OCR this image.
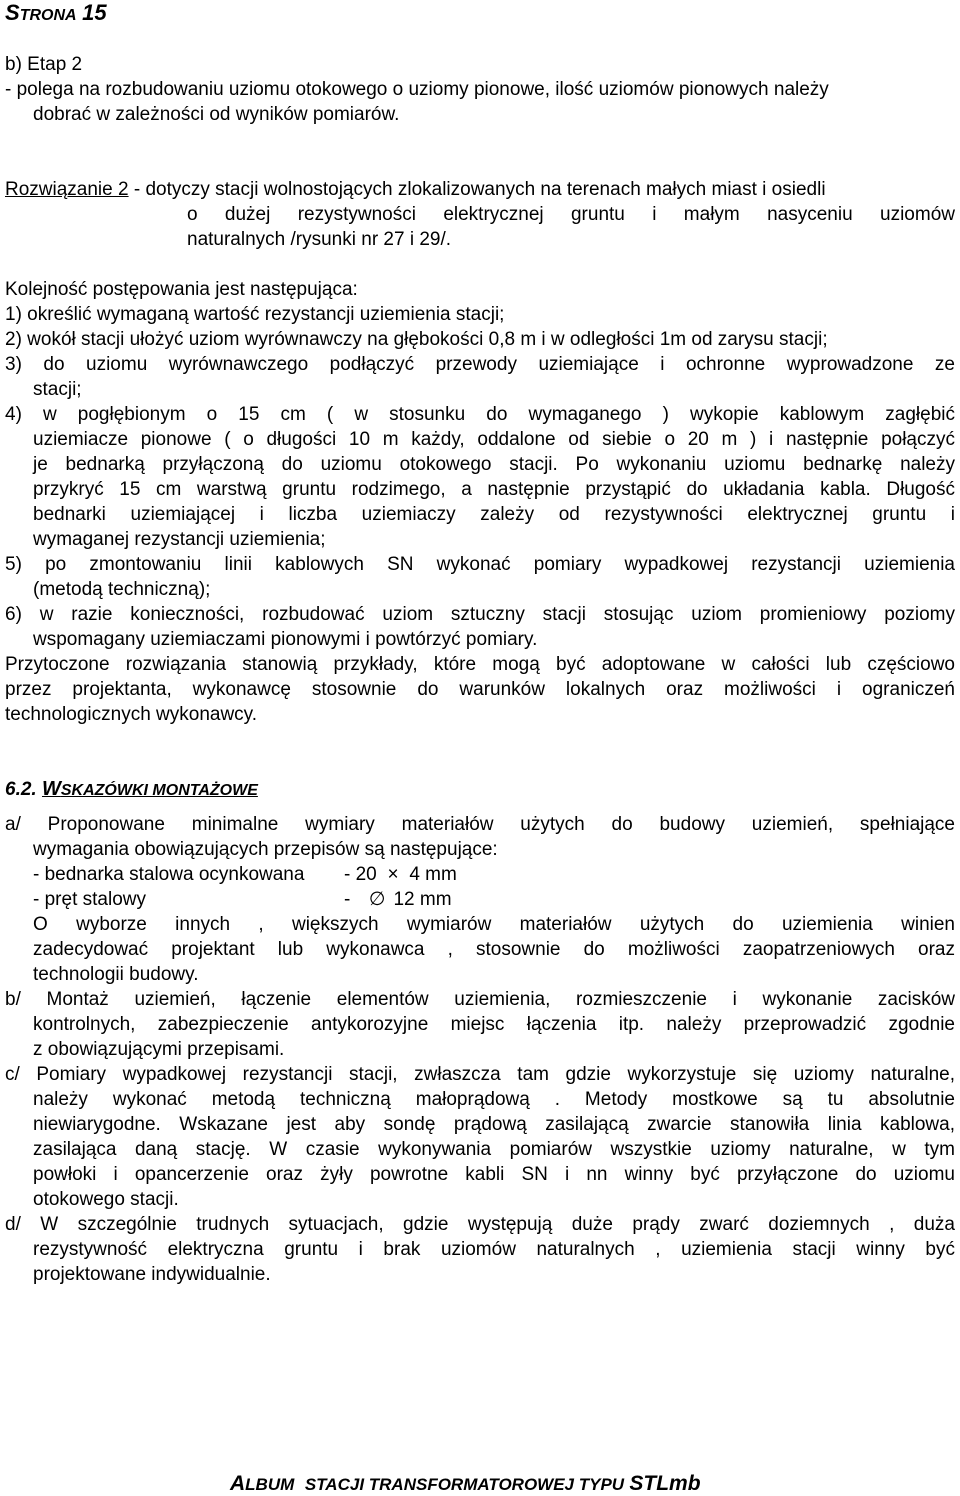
STRONA 15
b) Etap 2
- polega na rozbudowaniu uziomu otokowego o uziomy pionowe, ilość uziomów pionowych należy
dobrać w zależności od wyników pomiarów.
Rozwiązanie 2 - dotyczy stacji wolnostojących zlokalizowanych na terenach małych miast i osiedli
o dużej rezystywności elektrycznej gruntu i małym nasyceniu uziomów
naturalnych /rysunki nr 27 i 29/.
Kolejność postępowania jest następująca:
1) określić wymaganą wartość rezystancji uziemienia stacji;
2) wokół stacji ułożyć uziom wyrównawczy na głębokości 0,8 m i w odległości 1m od zarysu stacji;
3) do uziomu wyrównawczego podłączyć przewody uziemiające i ochronne wyprowadzone ze
stacji;
4) w pogłębionym o 15 cm ( w stosunku do wymaganego ) wykopie kablowym zagłębić
uziemiacze pionowe ( o długości 10 m każdy, oddalone od siebie o 20 m ) i następnie połączyć
je bednarką przyłączoną do uziomu otokowego stacji. Po wykonaniu uziomu bednarkę należy
przykryć 15 cm warstwą gruntu rodzimego, a następnie przystąpić do układania kabla. Długość
bednarki uziemiającej i liczba uziemiaczy zależy od rezystywności elektrycznej gruntu i
wymaganej rezystancji uziemienia;
5) po zmontowaniu linii kablowych SN wykonać pomiary wypadkowej rezystancji uziemienia
(metodą techniczną);
6) w razie konieczności, rozbudować uziom sztuczny stacji stosując uziom promieniowy poziomy
wspomagany uziemiaczami pionowymi i powtórzyć pomiary.
Przytoczone rozwiązania stanowią przykłady, które mogą być adoptowane w całości lub częściowo
przez projektanta, wykonawcę stosownie do warunków lokalnych oraz możliwości i ograniczeń
technologicznych wykonawcy.
6.2. WSKAZÓWKI MONTAŻOWE
a/ Proponowane minimalne wymiary materiałów użytych do budowy uziemień, spełniające
wymagania obowiązujących przepisów są następujące:
- bednarka stalowa ocynkowana - 20 × 4 mm
- pręt stalowy	- ∅ 12 mm
O wyborze innych , większych wymiarów materiałów użytych do uziemienia winien
zadecydować projektant lub wykonawca , stosownie do możliwości zaopatrzeniowych oraz
technologii budowy.
b/ Montaż uziemień, łączenie elementów uziemienia, rozmieszczenie i wykonanie zacisków
kontrolnych, zabezpieczenie antykorozyjne miejsc łączenia itp. należy przeprowadzić zgodnie
z obowiązującymi przepisami.
c/ Pomiary wypadkowej rezystancji stacji, zwłaszcza tam gdzie wykorzystuje się uziomy naturalne,
należy wykonać metodą techniczną małoprądową . Metody mostkowe są tu absolutnie
niewiarygodne. Wskazane jest aby sondę prądową zasilającą zwarcie stanowiła linia kablowa,
zasilająca daną stację. W czasie wykonywania pomiarów wszystkie uziomy naturalne, w tym
powłoki i opancerzenie oraz żyły powrotne kabli SN i nn winny być przyłączone do uziomu
otokowego stacji.
d/ W szczególnie trudnych sytuacjach, gdzie występują duże prądy zwarć doziemnych , duża
rezystywność elektryczna gruntu i brak uziomów naturalnych , uziemienia stacji winny być
projektowane indywidualnie.
ALBUM STACJI TRANSFORMATOROWEJ TYPU STLmb
